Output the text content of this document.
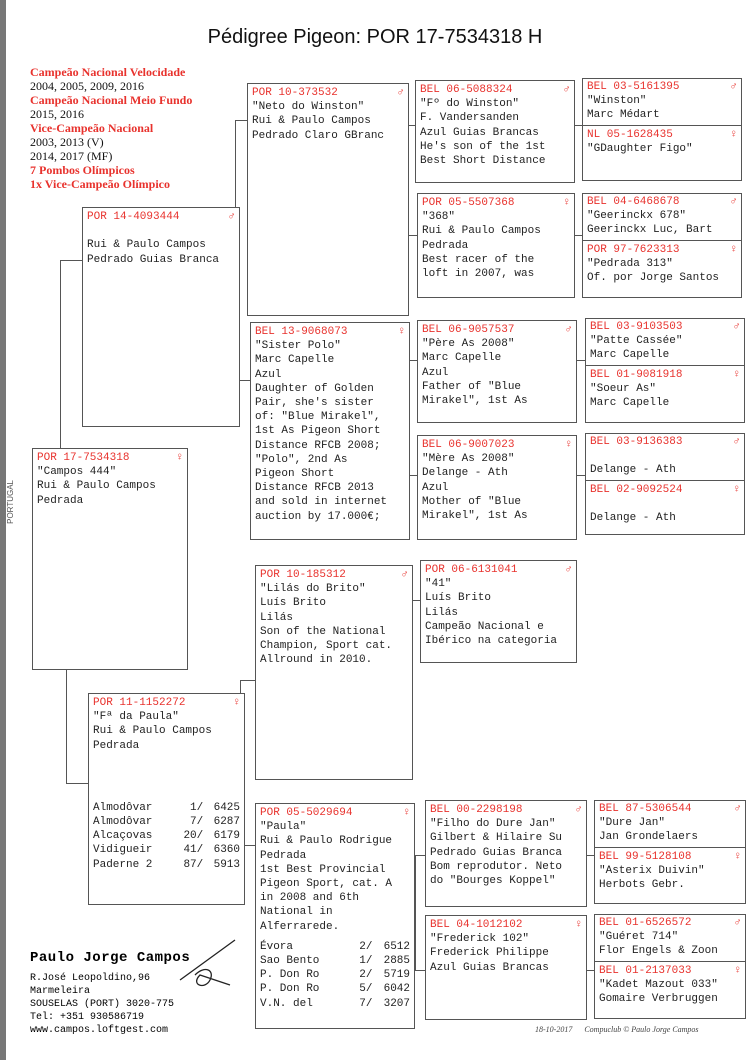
PORTUGAL
Pédigree Pigeon: POR 17-7534318 H
Campeão Nacional Velocidade
2004, 2005, 2009, 2016
Campeão Nacional Meio Fundo
2015, 2016
Vice-Campeão Nacional
2003, 2013 (V)
2014, 2017 (MF)
7 Pombos Olímpicos
1x Vice-Campeão Olímpico
POR 17-7534318	♀
"Campos 444"
Rui & Paulo Campos
Pedrada
POR 14-4093444	♂

Rui & Paulo Campos
Pedrado Guias Branca
POR 11-1152272	♀
"Fª da Paula"
Rui & Paulo Campos
Pedrada
Almodôvar	1/ 6425
Almodôvar	7/ 6287
Alcaçovas	20/ 6179
Vidigueir	41/ 6360
Paderne 2	87/ 5913
POR 10-373532	♂
"Neto do Winston"
Rui & Paulo Campos
Pedrado Claro GBranc
BEL 13-9068073	♀
"Sister Polo"
Marc Capelle
Azul
Daughter of Golden
Pair, she's sister
of: "Blue Mirakel",
1st As Pigeon Short
Distance RFCB 2008;
"Polo", 2nd As
Pigeon Short
Distance RFCB 2013
and sold in internet
auction by 17.000€;
POR 10-185312	♂
"Lilás do Brito"
Luís Brito
Lilás
Son of the National
Champion, Sport cat.
Allround in 2010.
POR 05-5029694	♀
"Paula"
Rui & Paulo Rodrigue
Pedrada
1st Best Provincial
Pigeon Sport, cat. A
in 2008 and 6th
National in
Alferrarede.
Évora	2/	6512
Sao Bento	1/	2885
P. Don Ro	2/	5719
P. Don Ro	5/	6042
V.N. del	7/	3207
BEL 06-5088324	♂
"Fº do Winston"
F. Vandersanden
Azul Guias Brancas
He's son of the 1st
Best Short Distance
POR 05-5507368	♀
"368"
Rui & Paulo Campos
Pedrada
Best racer of the
loft in 2007, was
BEL 06-9057537	♂
"Père As 2008"
Marc Capelle
Azul
Father of "Blue
Mirakel", 1st As
BEL 06-9007023	♀
"Mère As 2008"
Delange - Ath
Azul
Mother of "Blue
Mirakel", 1st As
POR 06-6131041	♂
"41"
Luís Brito
Lilás
Campeão Nacional e
Ibérico na categoria
BEL 00-2298198	♂
"Filho do Dure Jan"
Gilbert & Hilaire Su
Pedrado Guias Branca
Bom reprodutor. Neto
do "Bourges Koppel"
BEL 04-1012102	♀
"Frederick 102"
Frederick Philippe
Azul Guias Brancas
BEL 03-5161395	♂
"Winston"
Marc Médart
NL 05-1628435	♀
"GDaughter Figo"
BEL 04-6468678	♂
"Geerinckx 678"
Geerinckx Luc, Bart
POR 97-7623313	♀
"Pedrada 313"
Of. por Jorge Santos
BEL 03-9103503	♂
"Patte Cassée"
Marc Capelle
BEL 01-9081918	♀
"Soeur As"
Marc Capelle
BEL 03-9136383	♂

Delange - Ath
BEL 02-9092524	♀

Delange - Ath
BEL 87-5306544	♂
"Dure Jan"
Jan Grondelaers
BEL 99-5128108	♀
"Asterix Duivin"
Herbots Gebr.
BEL 01-6526572	♂
"Guéret 714"
Flor Engels & Zoon
BEL 01-2137033	♀
"Kadet Mazout 033"
Gomaire Verbruggen
Paulo Jorge Campos
R.José Leopoldino,96
Marmeleira
SOUSELAS (PORT) 3020-775
Tel: +351 930586719
www.campos.loftgest.com	18-10-2017 Compuclub © Paulo Jorge Campos
